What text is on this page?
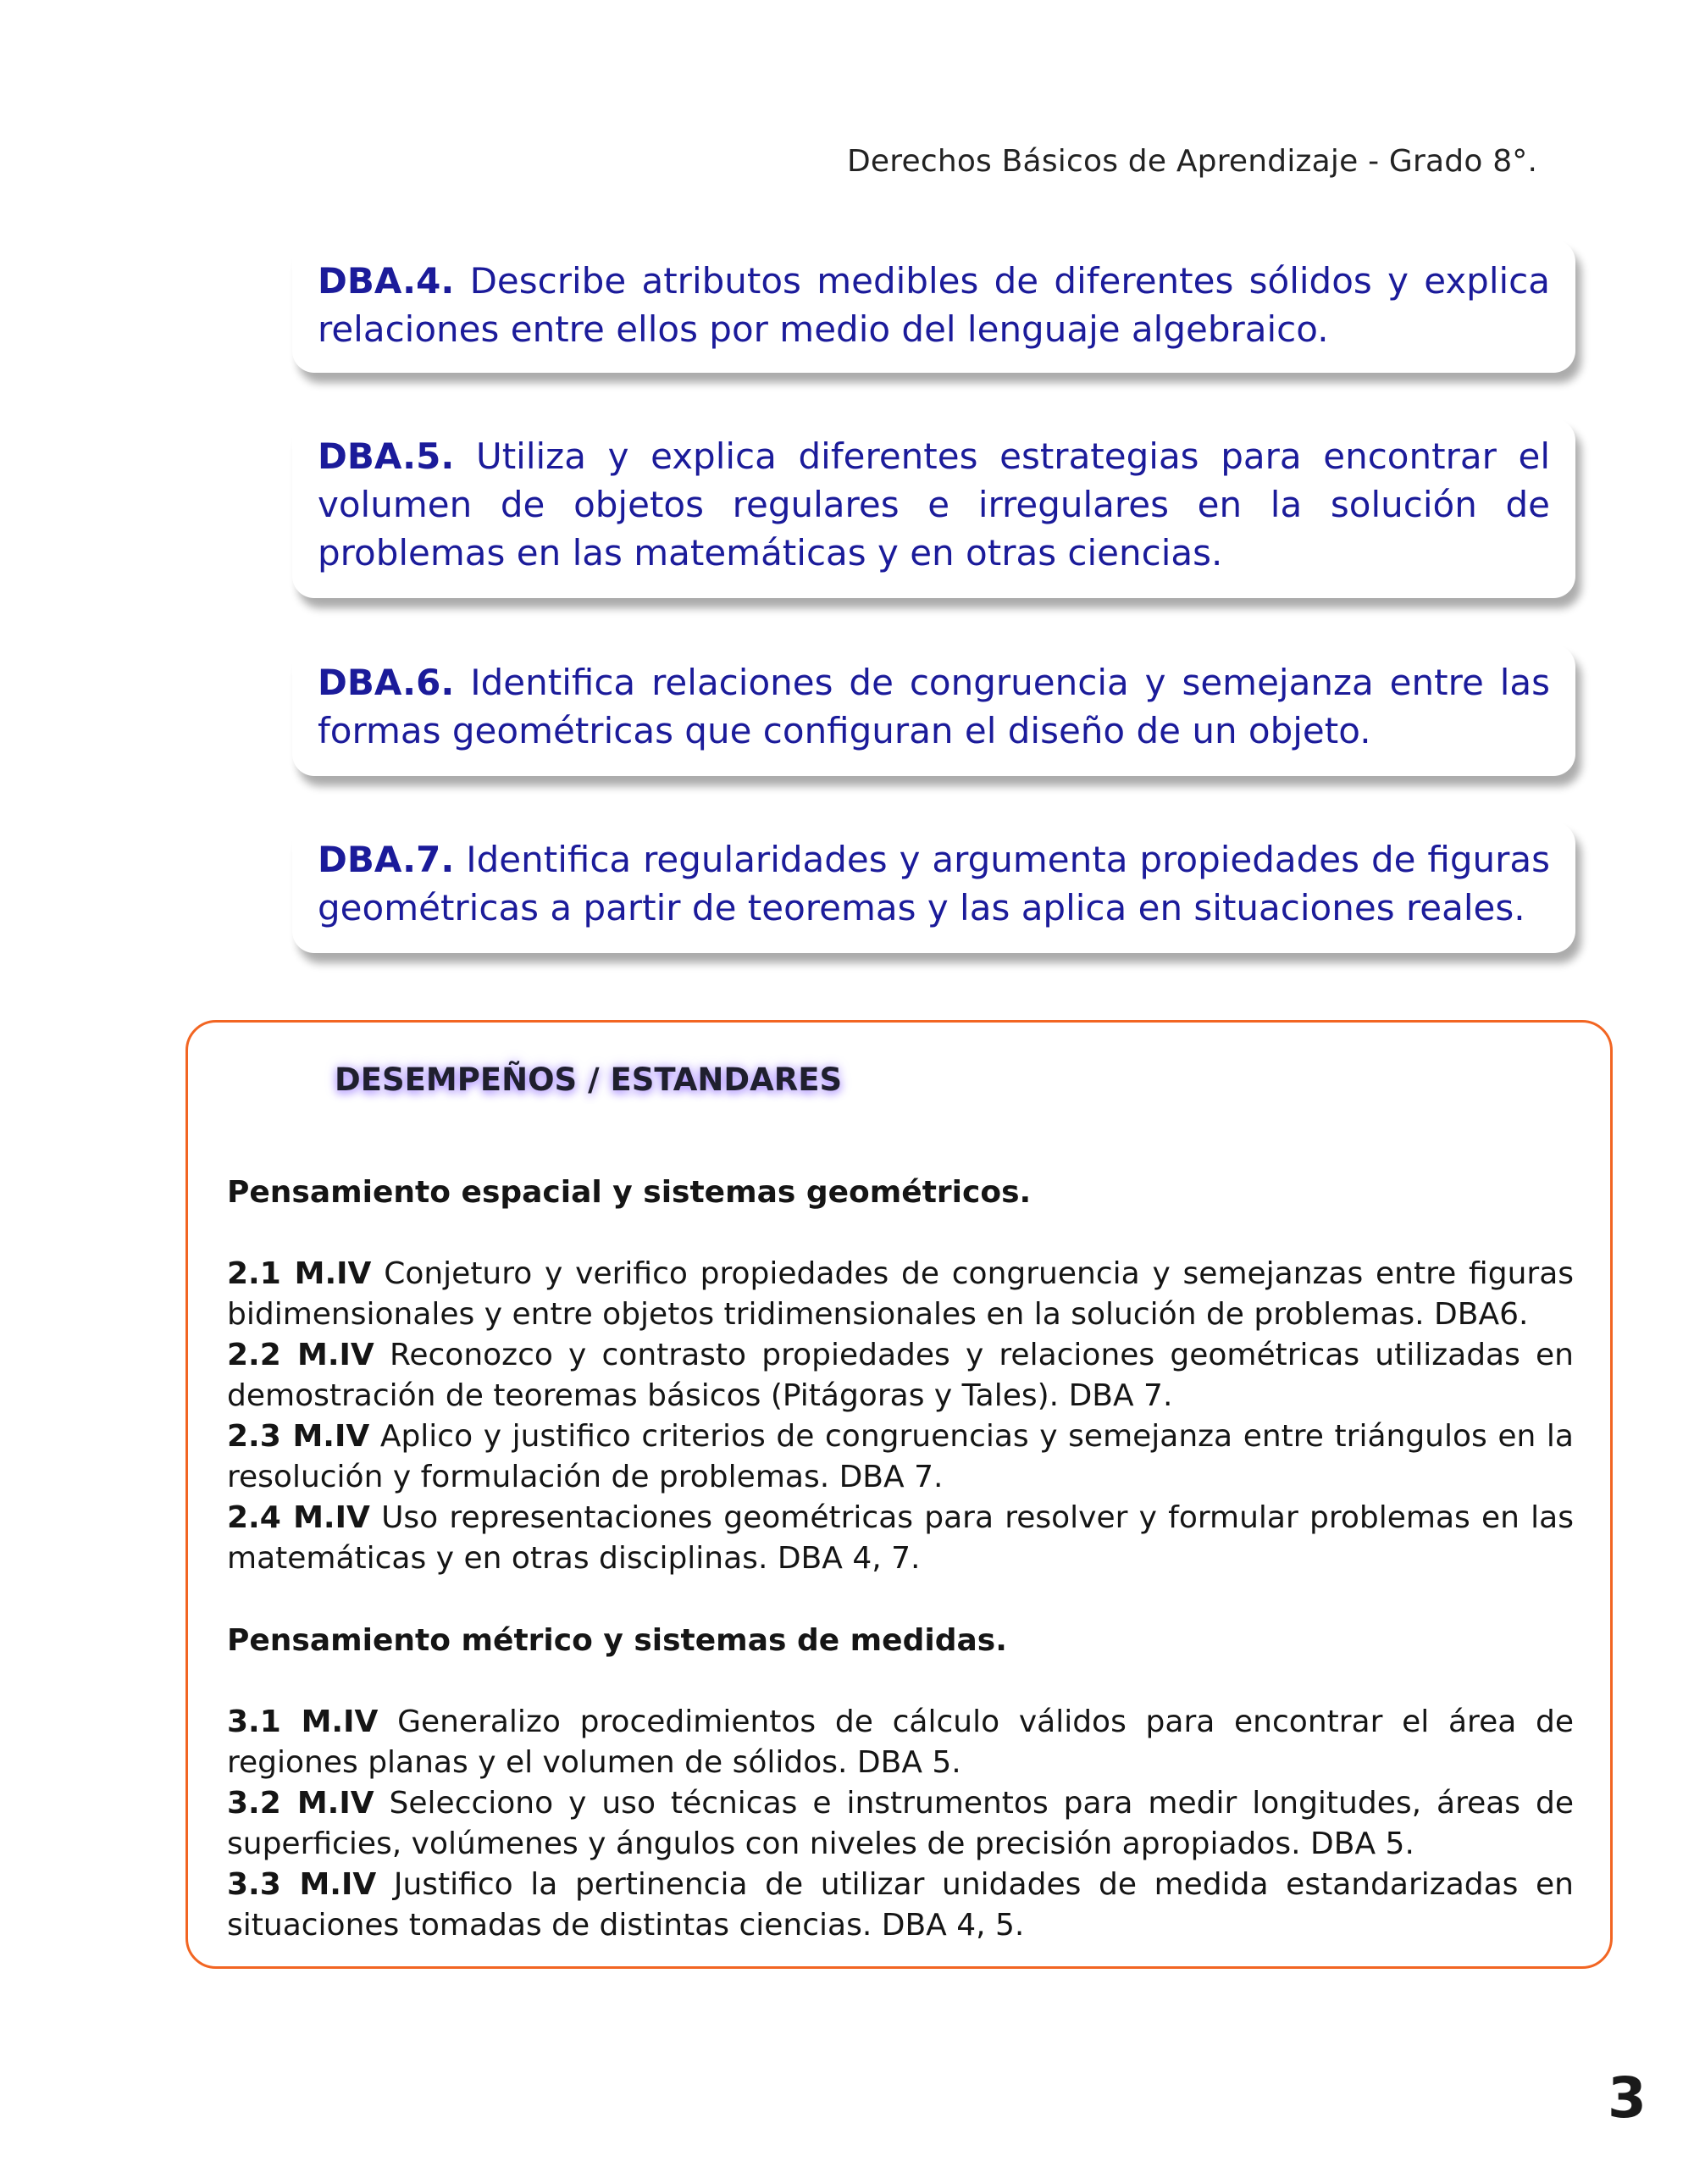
Derechos Básicos de Aprendizaje - Grado 8°.
DBA.4. Describe atributos medibles de diferentes sólidos y explica relaciones entre ellos por medio del lenguaje algebraico.
DBA.5. Utiliza y explica diferentes estrategias para encontrar el volumen de objetos regulares e irregulares en la solución de problemas en las matemáticas y en otras ciencias.
DBA.6. Identifica relaciones de congruencia y semejanza entre las formas geométricas que configuran el diseño de un objeto.
DBA.7. Identifica regularidades y argumenta propiedades de figuras geométricas a partir de teoremas y las aplica en situaciones reales.
DESEMPEÑOS / ESTANDARES
Pensamiento espacial y sistemas geométricos.
2.1 M.IV Conjeturo y verifico propiedades de congruencia y semejanzas entre figuras bidimensionales y entre objetos tridimensionales en la solución de problemas. DBA6.
2.2 M.IV Reconozco y contrasto propiedades y relaciones geométricas utilizadas en demostración de teoremas básicos (Pitágoras y Tales). DBA 7.
2.3 M.IV Aplico y justifico criterios de congruencias y semejanza entre triángulos en la resolución y formulación de problemas. DBA 7.
2.4 M.IV Uso representaciones geométricas para resolver y formular problemas en las matemáticas y en otras disciplinas. DBA 4, 7.
Pensamiento métrico y sistemas de medidas.
3.1 M.IV Generalizo procedimientos de cálculo válidos para encontrar el área de regiones planas y el volumen de sólidos. DBA 5.
3.2 M.IV Selecciono y uso técnicas e instrumentos para medir longitudes, áreas de superficies, volúmenes y ángulos con niveles de precisión apropiados. DBA 5.
3.3 M.IV Justifico la pertinencia de utilizar unidades de medida estandarizadas en situaciones tomadas de distintas ciencias. DBA 4, 5.
3
